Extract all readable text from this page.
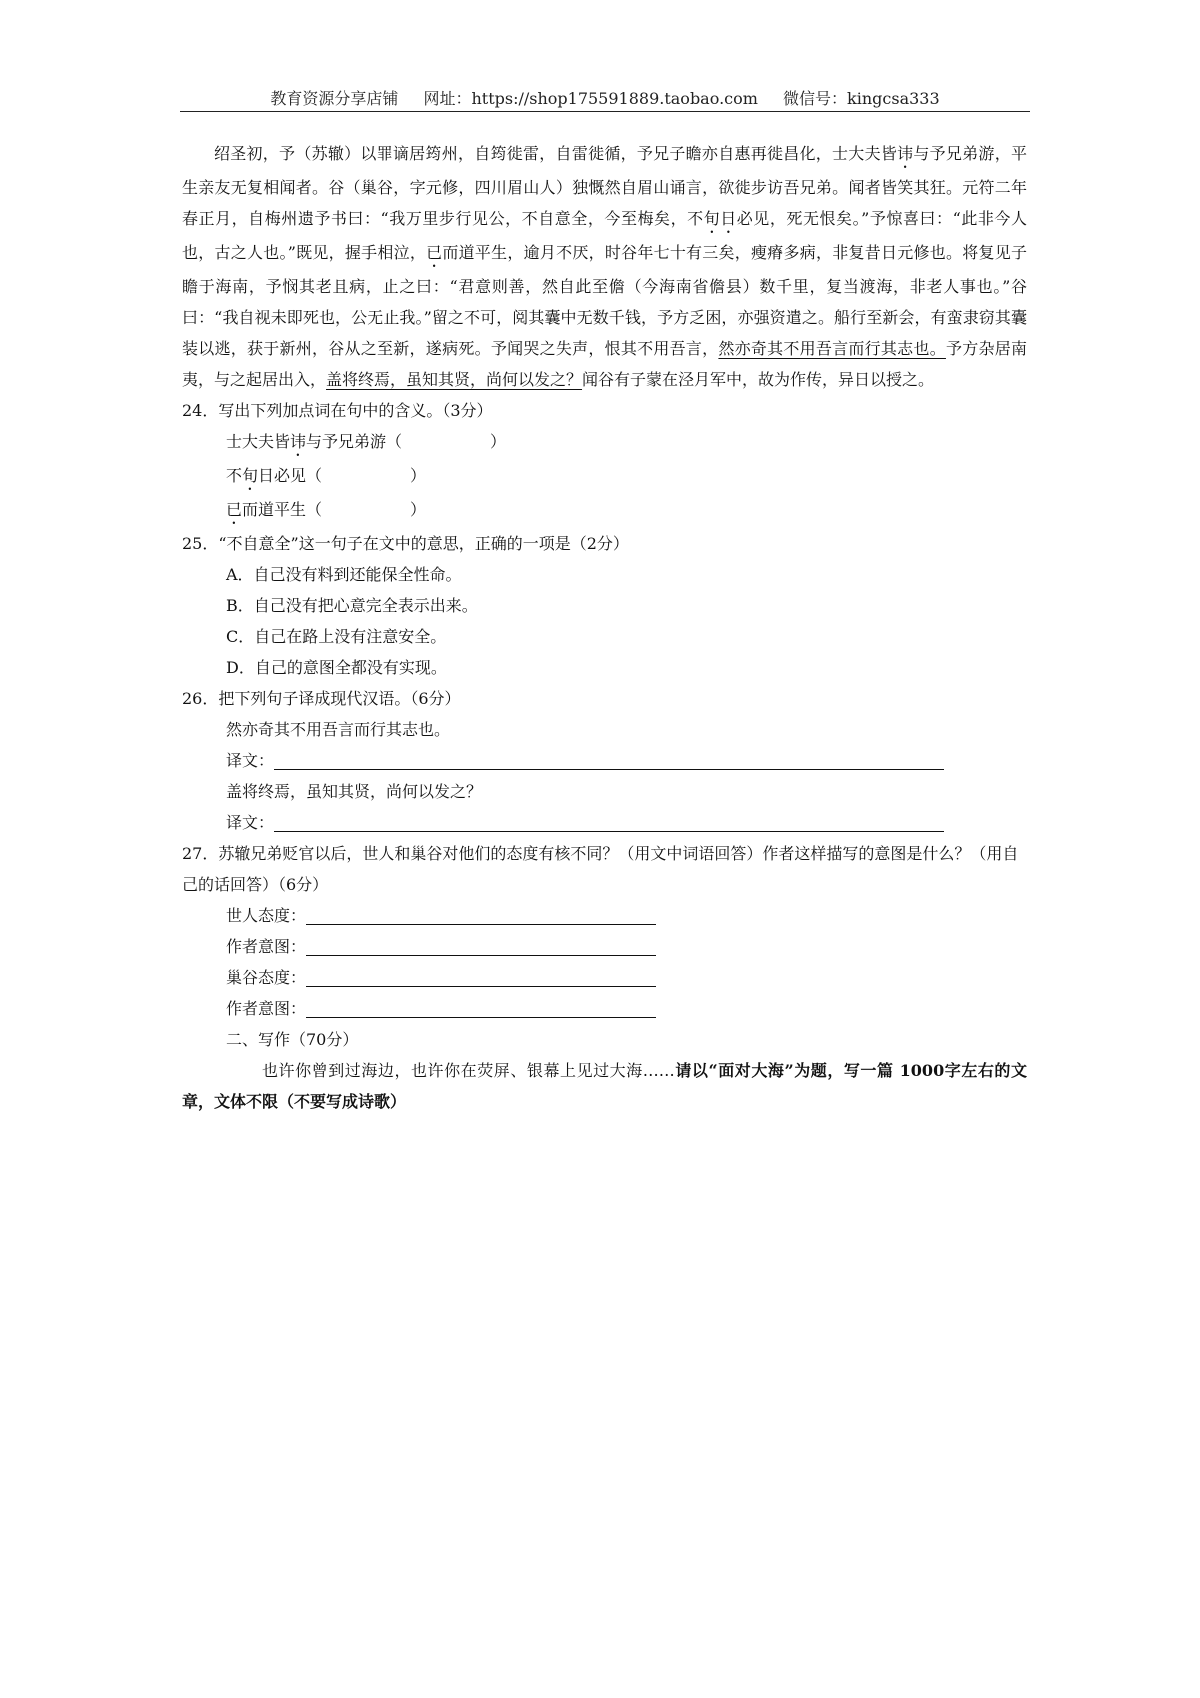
教育资源分享店铺 网址：https://shop175591889.taobao.com 微信号：kingcsa333

绍圣初，予（苏辙）以罪谪居筠州，自筠徙雷，自雷徙循，予兄子瞻亦自惠再徙昌化，士大夫皆讳与予兄弟游，平生亲友无复相闻者。谷（巢谷，字元修，四川眉山人）独慨然自眉山诵言，欲徙步访吾兄弟。闻者皆笑其狂。元符二年春正月，自梅州遗予书曰：“我万里步行见公，不自意全，今至梅矣，不旬日必见，死无恨矣。”予惊喜曰：“此非今人也，古之人也。”既见，握手相泣，已而道平生，逾月不厌，时谷年七十有三矣，瘦瘠多病，非复昔日元修也。将复见子瞻于海南，予悯其老且病，止之曰：“君意则善，然自此至儋（今海南省儋县）数千里，复当渡海，非老人事也。”谷曰：“我自视未即死也，公无止我。”留之不可，阅其囊中无数千钱，予方乏困，亦强资遣之。船行至新会，有蛮隶窃其囊装以逃，获于新州，谷从之至新，遂病死。予闻哭之失声，恨其不用吾言，然亦奇其不用吾言而行其志也。予方杂居南夷，与之起居出入，盖将终焉，虽知其贤，尚何以发之？闻谷有子蒙在泾月军中，故为作传，异日以授之。

24．写出下列加点词在句中的含义。（3分）

士大夫皆讳与予兄弟游（	）

不旬日必见（	）

已而道平生（	）

25．“不自意全”这一句子在文中的意思，正确的一项是（2分）

A．自己没有料到还能保全性命。

B．自己没有把心意完全表示出来。

C．自己在路上没有注意安全。

D．自己的意图全都没有实现。

26．把下列句子译成现代汉语。（6分）

然亦奇其不用吾言而行其志也。

译文：

盖将终焉，虽知其贤，尚何以发之？

译文：

27．苏辙兄弟贬官以后，世人和巢谷对他们的态度有核不同？（用文中词语回答）作者这样描写的意图是什么？（用自己的话回答）（6分）

世人态度：

作者意图：

巢谷态度：

作者意图：

二、写作（70分）

也许你曾到过海边，也许你在荧屏、银幕上见过大海……请以“面对大海”为题，写一篇 1000字左右的文章，文体不限（不要写成诗歌）
